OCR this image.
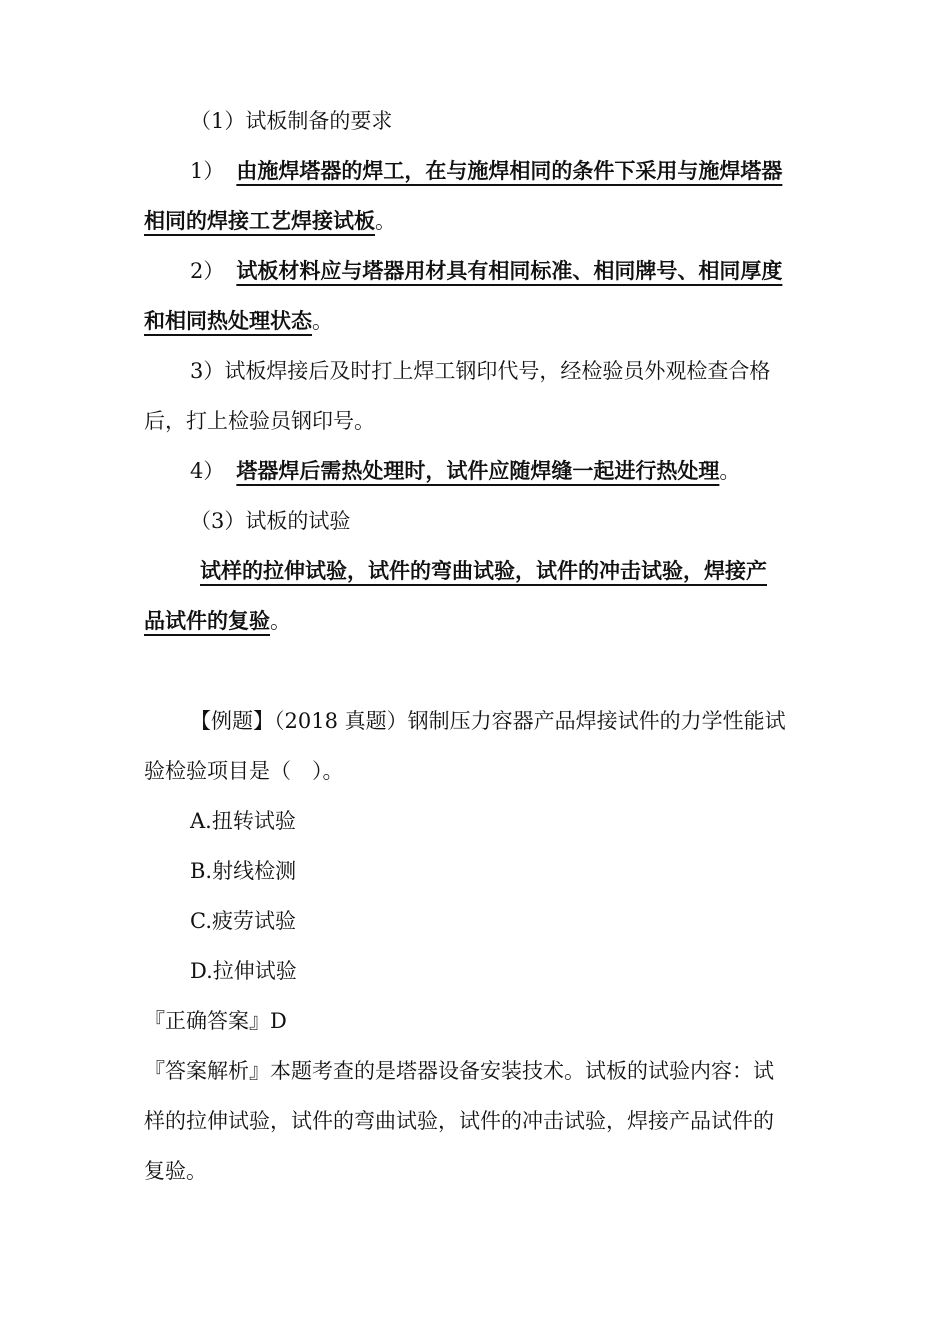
（1）试板制备的要求
1） 由施焊塔器的焊工，在与施焊相同的条件下采用与施焊塔器
相同的焊接工艺焊接试板。
2） 试板材料应与塔器用材具有相同标准、相同牌号、相同厚度
和相同热处理状态。
3）试板焊接后及时打上焊工钢印代号，经检验员外观检查合格
后，打上检验员钢印号。
4） 塔器焊后需热处理时，试件应随焊缝一起进行热处理。
（3）试板的试验
试样的拉伸试验，试件的弯曲试验，试件的冲击试验，焊接产
品试件的复验。
【例题】（2018 真题）钢制压力容器产品焊接试件的力学性能试
验检验项目是（　）。
A.扭转试验
B.射线检测
C.疲劳试验
D.拉伸试验
『正确答案』D
『答案解析』本题考查的是塔器设备安装技术。试板的试验内容：试
样的拉伸试验，试件的弯曲试验，试件的冲击试验，焊接产品试件的
复验。
